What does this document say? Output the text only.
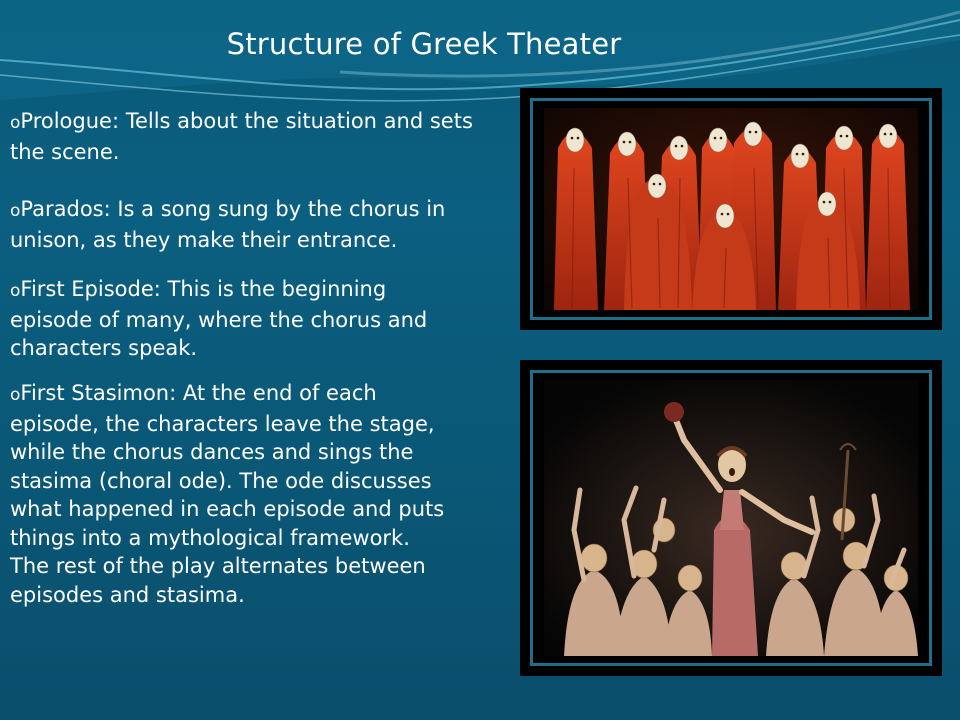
Structure of Greek Theater

oPrologue: Tells about the situation and sets the scene.

oParados: Is a song sung by the chorus in unison, as they make their entrance.

oFirst Episode: This is the beginning episode of many, where the chorus and characters speak.

oFirst Stasimon: At the end of each episode, the characters leave the stage, while the chorus dances and sings the stasima (choral ode). The ode discusses what happened in each episode and puts things into a mythological framework. The rest of the play alternates between episodes and stasima.
